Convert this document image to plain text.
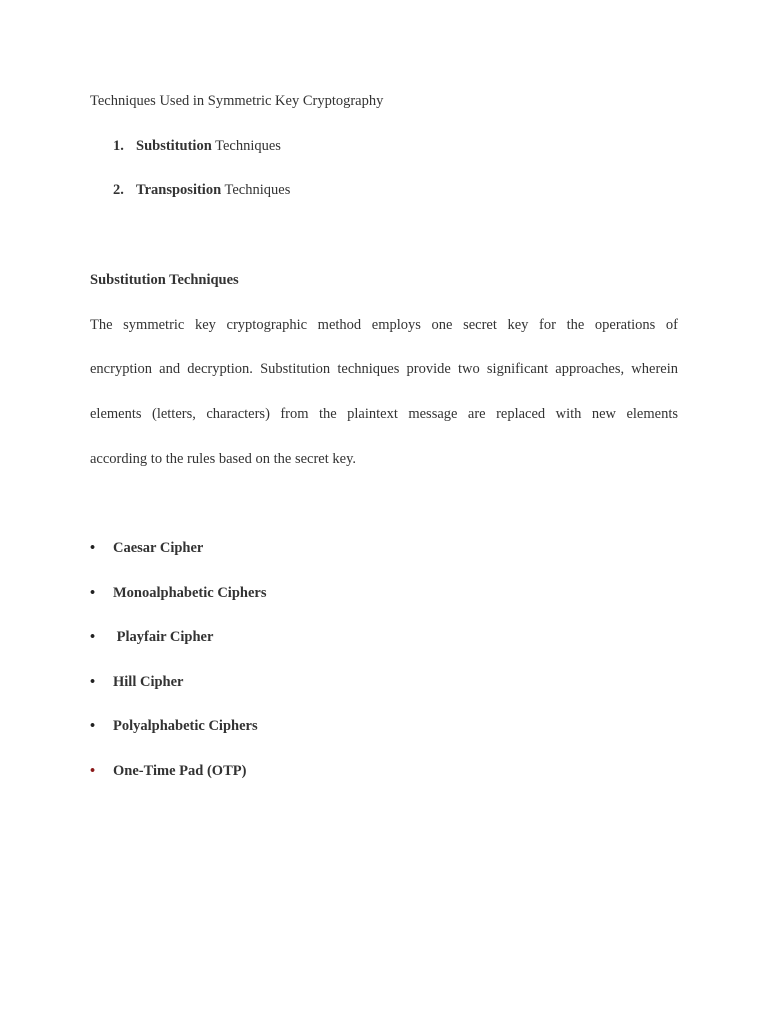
Techniques Used in Symmetric Key Cryptography
1. Substitution Techniques
2. Transposition Techniques
Substitution Techniques
The symmetric key cryptographic method employs one secret key for the operations of
encryption and decryption. Substitution techniques provide two significant approaches, wherein
elements (letters, characters) from the plaintext message are replaced with new elements
according to the rules based on the secret key.
• Caesar Cipher
• Monoalphabetic Ciphers
• Playfair Cipher
• Hill Cipher
• Polyalphabetic Ciphers
• One-Time Pad (OTP)
